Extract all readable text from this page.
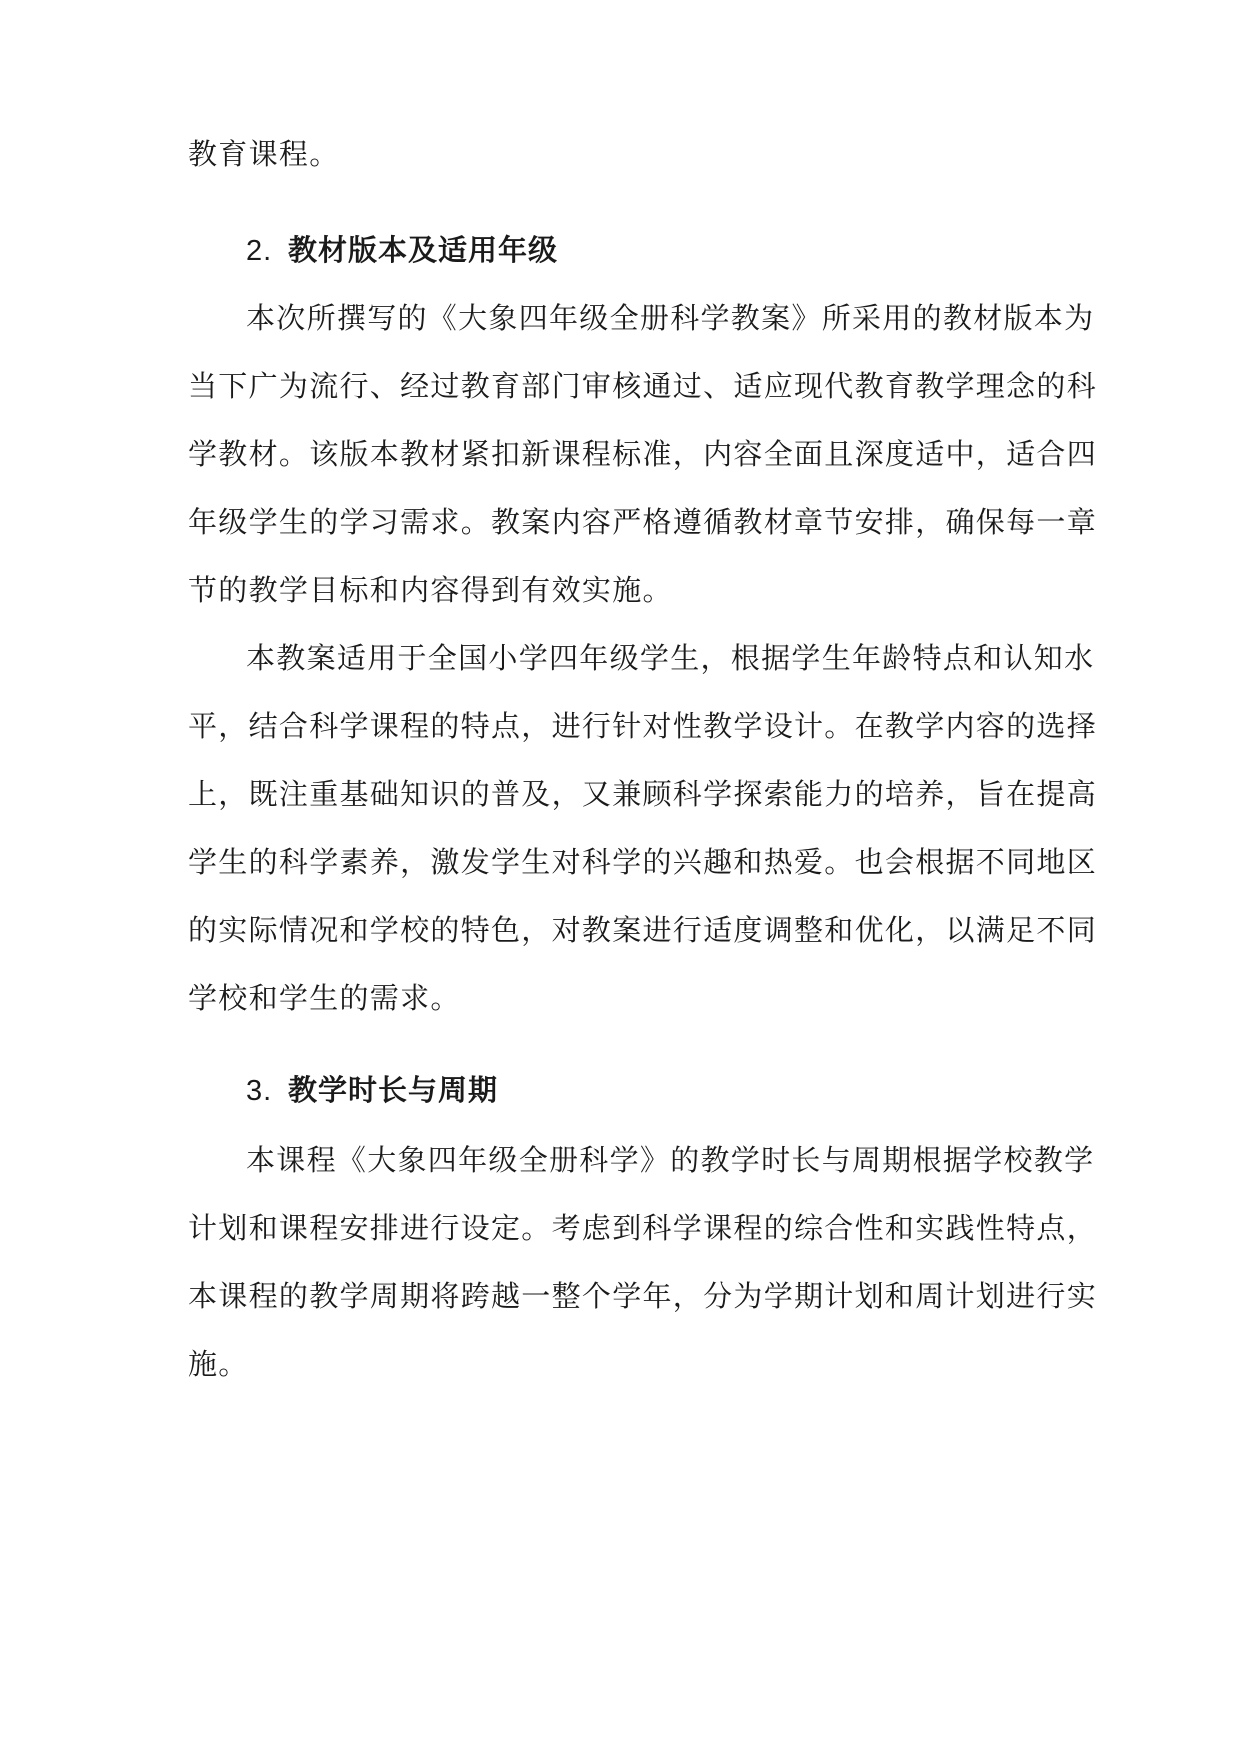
教育课程。
2. 教材版本及适用年级
本次所撰写的《大象四年级全册科学教案》所采用的教材版本为
当下广为流行、经过教育部门审核通过、适应现代教育教学理念的科
学教材。该版本教材紧扣新课程标准，内容全面且深度适中，适合四
年级学生的学习需求。教案内容严格遵循教材章节安排，确保每一章
节的教学目标和内容得到有效实施。
本教案适用于全国小学四年级学生，根据学生年龄特点和认知水
平，结合科学课程的特点，进行针对性教学设计。在教学内容的选择
上，既注重基础知识的普及，又兼顾科学探索能力的培养，旨在提高
学生的科学素养，激发学生对科学的兴趣和热爱。也会根据不同地区
的实际情况和学校的特色，对教案进行适度调整和优化，以满足不同
学校和学生的需求。
3. 教学时长与周期
本课程《大象四年级全册科学》的教学时长与周期根据学校教学
计划和课程安排进行设定。考虑到科学课程的综合性和实践性特点，
本课程的教学周期将跨越一整个学年，分为学期计划和周计划进行实
施。
